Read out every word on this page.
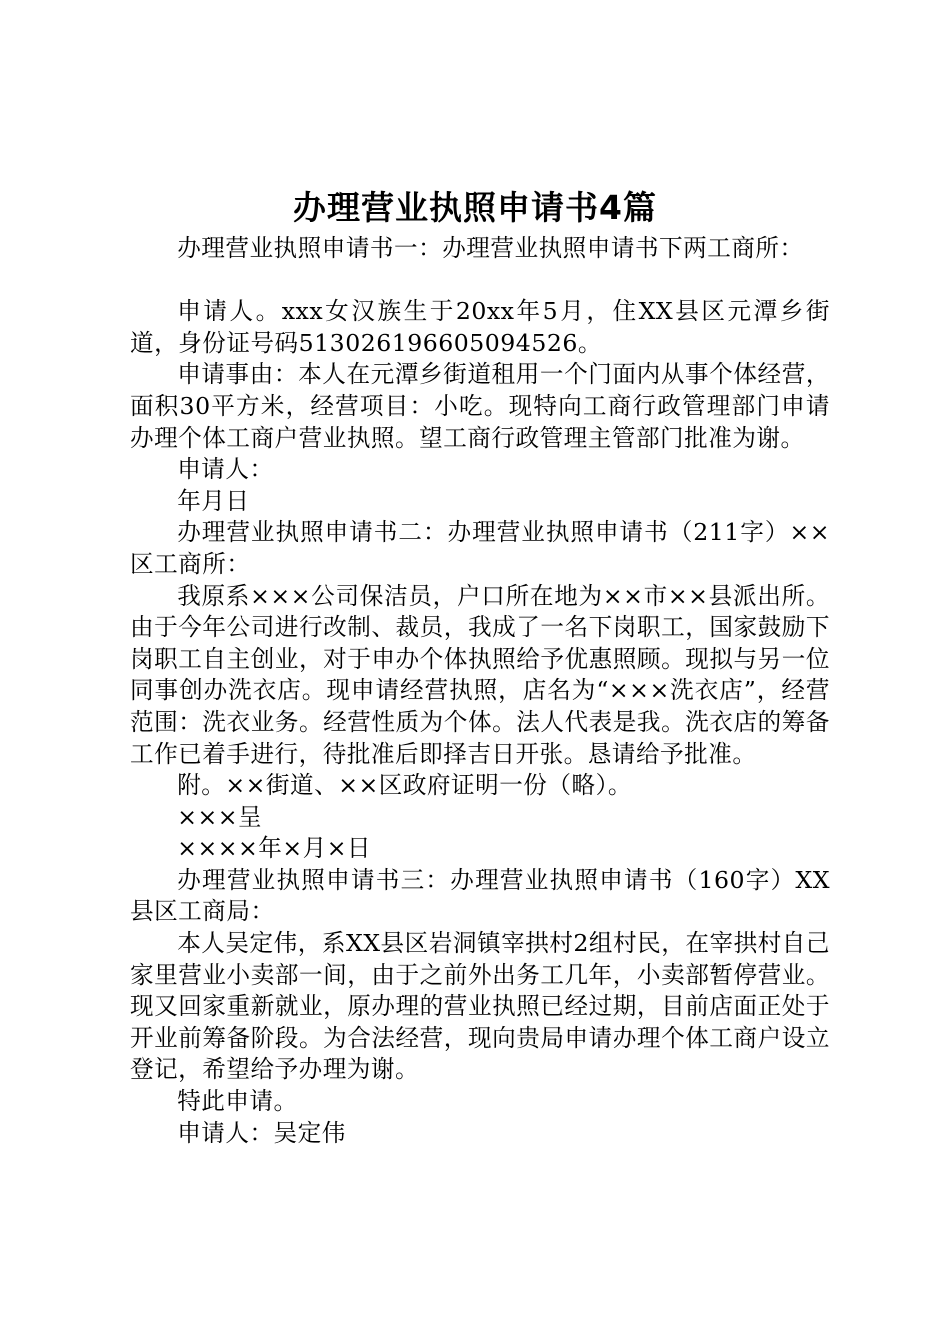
办理营业执照申请书4篇

办理营业执照申请书一：办理营业执照申请书下两工商所：

申请人。xxx女汉族生于20xx年5月，住XX县区元潭乡街道，身份证号码513026196605094526。

申请事由：本人在元潭乡街道租用一个门面内从事个体经营，面积30平方米，经营项目：小吃。现特向工商行政管理部门申请办理个体工商户营业执照。望工商行政管理主管部门批准为谢。

申请人：

年月日

办理营业执照申请书二：办理营业执照申请书（211字）××区工商所：

我原系×××公司保洁员，户口所在地为××市××县派出所。由于今年公司进行改制、裁员，我成了一名下岗职工，国家鼓励下岗职工自主创业，对于申办个体执照给予优惠照顾。现拟与另一位同事创办洗衣店。现申请经营执照，店名为“×××洗衣店”，经营范围：洗衣业务。经营性质为个体。法人代表是我。洗衣店的筹备工作已着手进行，待批准后即择吉日开张。恳请给予批准。

附。××街道、××区政府证明一份（略）。

×××呈

××××年×月×日

办理营业执照申请书三：办理营业执照申请书（160字）XX县区工商局：

本人吴定伟，系XX县区岩洞镇宰拱村2组村民，在宰拱村自己家里营业小卖部一间，由于之前外出务工几年，小卖部暂停营业。现又回家重新就业，原办理的营业执照已经过期，目前店面正处于开业前筹备阶段。为合法经营，现向贵局申请办理个体工商户设立登记，希望给予办理为谢。

特此申请。

申请人：吴定伟
